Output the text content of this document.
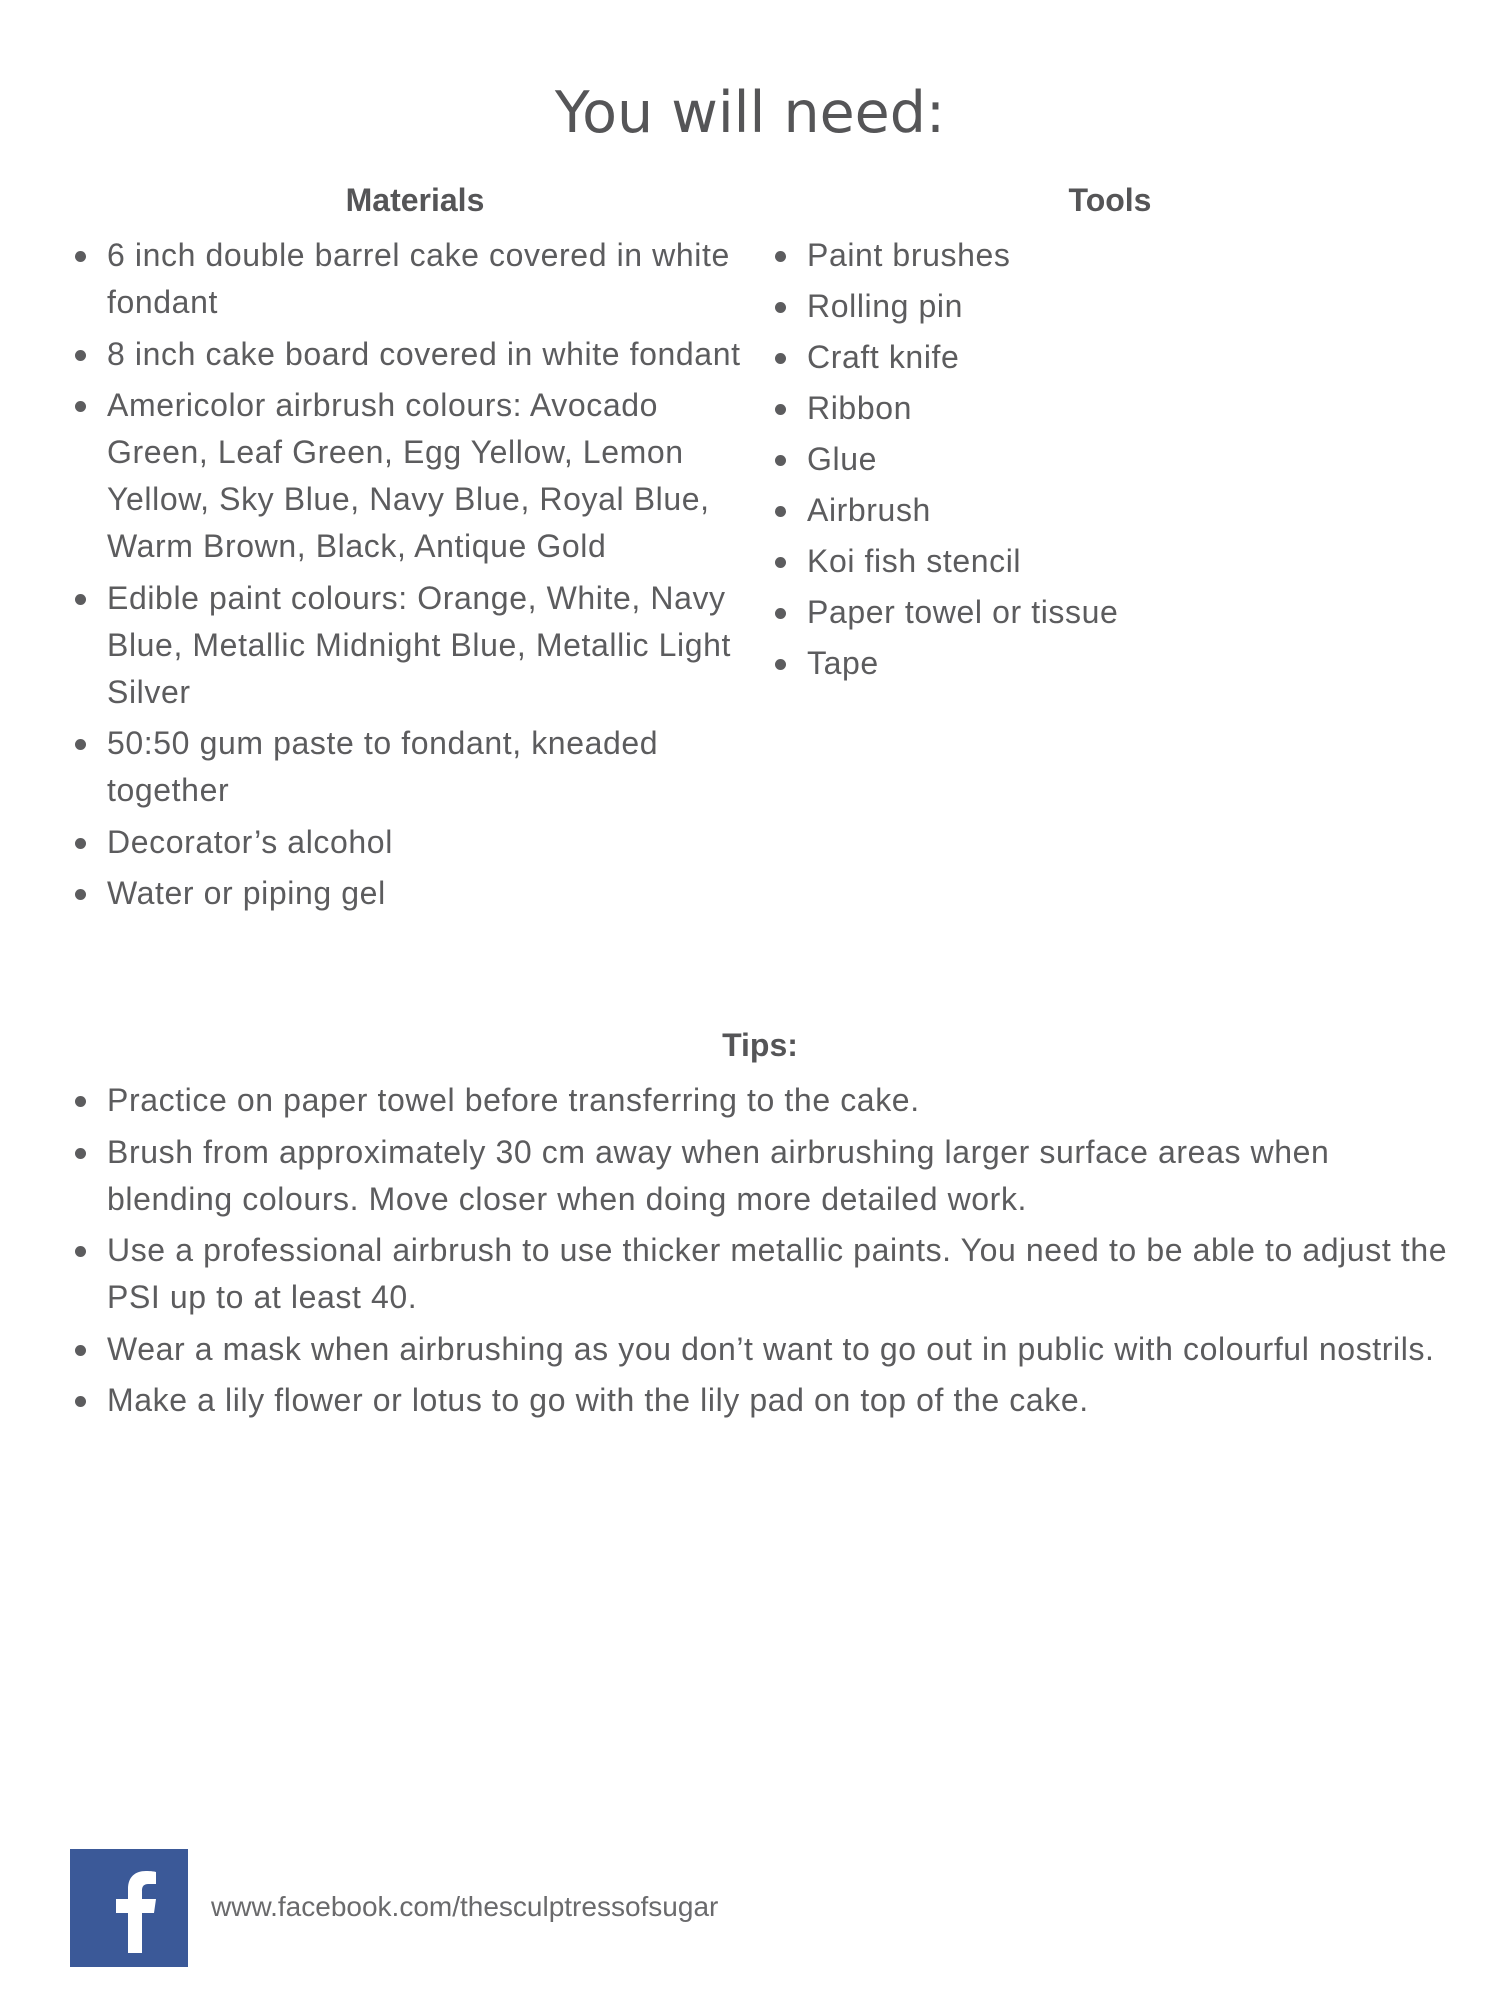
You will need:
Materials
6 inch double barrel cake covered in white fondant
8 inch cake board covered in white fondant
Americolor airbrush colours: Avocado Green, Leaf Green, Egg Yellow, Lemon Yellow, Sky Blue, Navy Blue, Royal Blue, Warm Brown, Black, Antique Gold
Edible paint colours: Orange, White, Navy Blue, Metallic Midnight Blue, Metallic Light Silver
50:50 gum paste to fondant, kneaded together
Decorator’s alcohol
Water or piping gel
Tools
Paint brushes
Rolling pin
Craft knife
Ribbon
Glue
Airbrush
Koi fish stencil
Paper towel or tissue
Tape
Tips:
Practice on paper towel before transferring to the cake.
Brush from approximately 30 cm away when airbrushing larger surface areas when blending colours. Move closer when doing more detailed work.
Use a professional airbrush to use thicker metallic paints. You need to be able to adjust the PSI up to at least 40.
Wear a mask when airbrushing as you don’t want to go out in public with colourful nostrils.
Make a lily flower or lotus to go with the lily pad on top of the cake.
www.facebook.com/thesculptressofsugar
